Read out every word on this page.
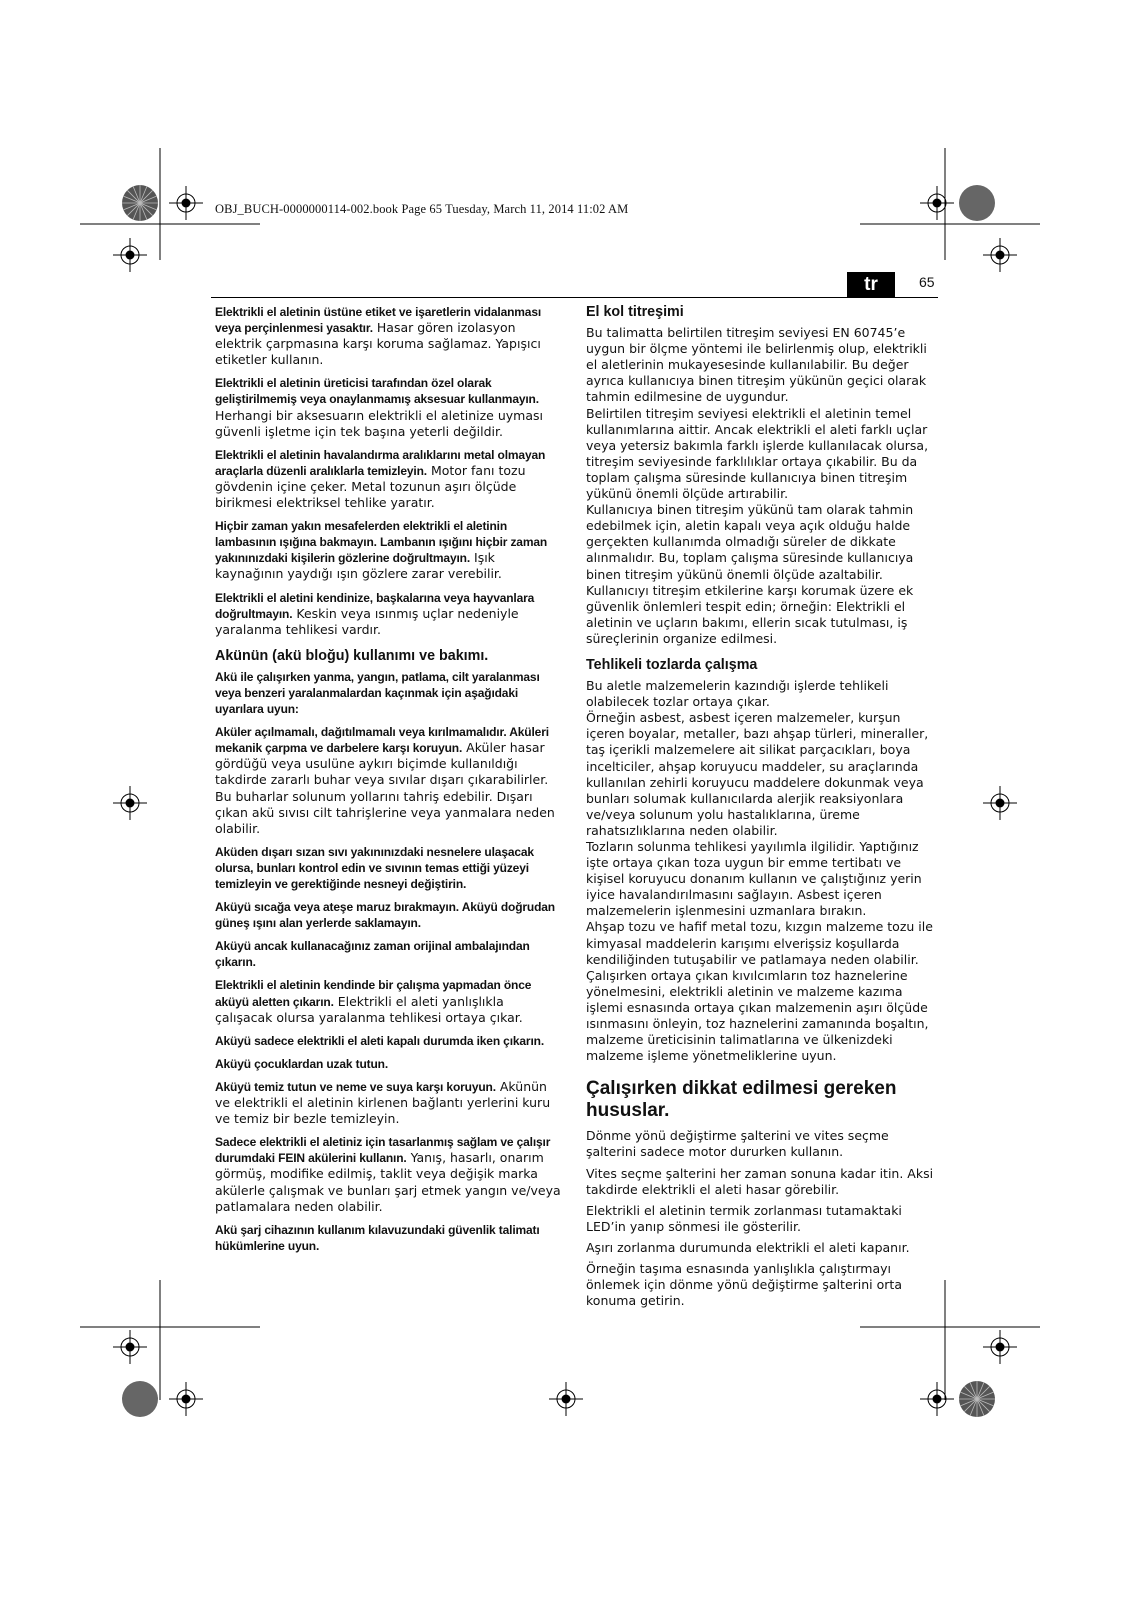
OBJ_BUCH-0000000114-002.book Page 65 Tuesday, March 11, 2014 11:02 AM
tr	65

Elektrikli el aletinin üstüne etiket ve işaretlerin vidalanması veya perçinlenmesi yasaktır. Hasar gören izolasyon elektrik çarpmasına karşı koruma sağlamaz. Yapışıcı etiketler kullanın.

Elektrikli el aletinin üreticisi tarafından özel olarak geliştirilmemiş veya onaylanmamış aksesuar kullanmayın. Herhangi bir aksesuarın elektrikli el aletinize uyması güvenli işletme için tek başına yeterli değildir.

Elektrikli el aletinin havalandırma aralıklarını metal olmayan araçlarla düzenli aralıklarla temizleyin. Motor fanı tozu gövdenin içine çeker. Metal tozunun aşırı ölçüde birikmesi elektriksel tehlike yaratır.

Hiçbir zaman yakın mesafelerden elektrikli el aletinin lambasının ışığına bakmayın. Lambanın ışığını hiçbir zaman yakınınızdaki kişilerin gözlerine doğrultmayın. Işık kaynağının yaydığı ışın gözlere zarar verebilir.

Elektrikli el aletini kendinize, başkalarına veya hayvanlara doğrultmayın. Keskin veya ısınmış uçlar nedeniyle yaralanma tehlikesi vardır.

Akünün (akü bloğu) kullanımı ve bakımı.

Akü ile çalışırken yanma, yangın, patlama, cilt yaralanması veya benzeri yaralanmalardan kaçınmak için aşağıdaki uyarılara uyun:

Aküler açılmamalı, dağıtılmamalı veya kırılmamalıdır. Aküleri mekanik çarpma ve darbelere karşı koruyun. Aküler hasar gördüğü veya usulüne aykırı biçimde kullanıldığı takdirde zararlı buhar veya sıvılar dışarı çıkarabilirler. Bu buharlar solunum yollarını tahriş edebilir. Dışarı çıkan akü sıvısı cilt tahrişlerine veya yanmalara neden olabilir.

Aküden dışarı sızan sıvı yakınınızdaki nesnelere ulaşacak olursa, bunları kontrol edin ve sıvının temas ettiği yüzeyi temizleyin ve gerektiğinde nesneyi değiştirin.

Aküyü sıcağa veya ateşe maruz bırakmayın. Aküyü doğrudan güneş ışını alan yerlerde saklamayın.

Aküyü ancak kullanacağınız zaman orijinal ambalajından çıkarın.

Elektrikli el aletinin kendinde bir çalışma yapmadan önce aküyü aletten çıkarın. Elektrikli el aleti yanlışlıkla çalışacak olursa yaralanma tehlikesi ortaya çıkar.

Aküyü sadece elektrikli el aleti kapalı durumda iken çıkarın.

Aküyü çocuklardan uzak tutun.

Aküyü temiz tutun ve neme ve suya karşı koruyun. Akünün ve elektrikli el aletinin kirlenen bağlantı yerlerini kuru ve temiz bir bezle temizleyin.

Sadece elektrikli el aletiniz için tasarlanmış sağlam ve çalışır durumdaki FEIN akülerini kullanın. Yanış, hasarlı, onarım görmüş, modifike edilmiş, taklit veya değişik marka akülerle çalışmak ve bunları şarj etmek yangın ve/veya patlamalara neden olabilir.

Akü şarj cihazının kullanım kılavuzundaki güvenlik talimatı hükümlerine uyun.

El kol titreşimi

Bu talimatta belirtilen titreşim seviyesi EN 60745’e uygun bir ölçme yöntemi ile belirlenmiş olup, elektrikli el aletlerinin mukayesesinde kullanılabilir. Bu değer ayrıca kullanıcıya binen titreşim yükünün geçici olarak tahmin edilmesine de uygundur.

Belirtilen titreşim seviyesi elektrikli el aletinin temel kullanımlarına aittir. Ancak elektrikli el aleti farklı uçlar veya yetersiz bakımla farklı işlerde kullanılacak olursa, titreşim seviyesinde farklılıklar ortaya çıkabilir. Bu da toplam çalışma süresinde kullanıcıya binen titreşim yükünü önemli ölçüde artırabilir.

Kullanıcıya binen titreşim yükünü tam olarak tahmin edebilmek için, aletin kapalı veya açık olduğu halde gerçekten kullanımda olmadığı süreler de dikkate alınmalıdır. Bu, toplam çalışma süresinde kullanıcıya binen titreşim yükünü önemli ölçüde azaltabilir.

Kullanıcıyı titreşim etkilerine karşı korumak üzere ek güvenlik önlemleri tespit edin; örneğin: Elektrikli el aletinin ve uçların bakımı, ellerin sıcak tutulması, iş süreçlerinin organize edilmesi.

Tehlikeli tozlarda çalışma

Bu aletle malzemelerin kazındığı işlerde tehlikeli olabilecek tozlar ortaya çıkar.

Örneğin asbest, asbest içeren malzemeler, kurşun içeren boyalar, metaller, bazı ahşap türleri, mineraller, taş içerikli malzemelere ait silikat parçacıkları, boya incelticiler, ahşap koruyucu maddeler, su araçlarında kullanılan zehirli koruyucu maddelere dokunmak veya bunları solumak kullanıcılarda alerjik reaksiyonlara ve/veya solunum yolu hastalıklarına, üreme rahatsızlıklarına neden olabilir.

Tozların solunma tehlikesi yayılımla ilgilidir. Yaptığınız işte ortaya çıkan toza uygun bir emme tertibatı ve kişisel koruyucu donanım kullanın ve çalıştığınız yerin iyice havalandırılmasını sağlayın. Asbest içeren malzemelerin işlenmesini uzmanlara bırakın.

Ahşap tozu ve hafif metal tozu, kızgın malzeme tozu ile kimyasal maddelerin karışımı elverişsiz koşullarda kendiliğinden tutuşabilir ve patlamaya neden olabilir. Çalışırken ortaya çıkan kıvılcımların toz haznelerine yönelmesini, elektrikli aletinin ve malzeme kazıma işlemi esnasında ortaya çıkan malzemenin aşırı ölçüde ısınmasını önleyin, toz haznelerini zamanında boşaltın, malzeme üreticisinin talimatlarına ve ülkenizdeki malzeme işleme yönetmeliklerine uyun.

Çalışırken dikkat edilmesi gereken hususlar.

Dönme yönü değiştirme şalterini ve vites seçme şalterini sadece motor dururken kullanın.

Vites seçme şalterini her zaman sonuna kadar itin. Aksi takdirde elektrikli el aleti hasar görebilir.

Elektrikli el aletinin termik zorlanması tutamaktaki LED’in yanıp sönmesi ile gösterilir.

Aşırı zorlanma durumunda elektrikli el aleti kapanır.

Örneğin taşıma esnasında yanlışlıkla çalıştırmayı önlemek için dönme yönü değiştirme şalterini orta konuma getirin.
